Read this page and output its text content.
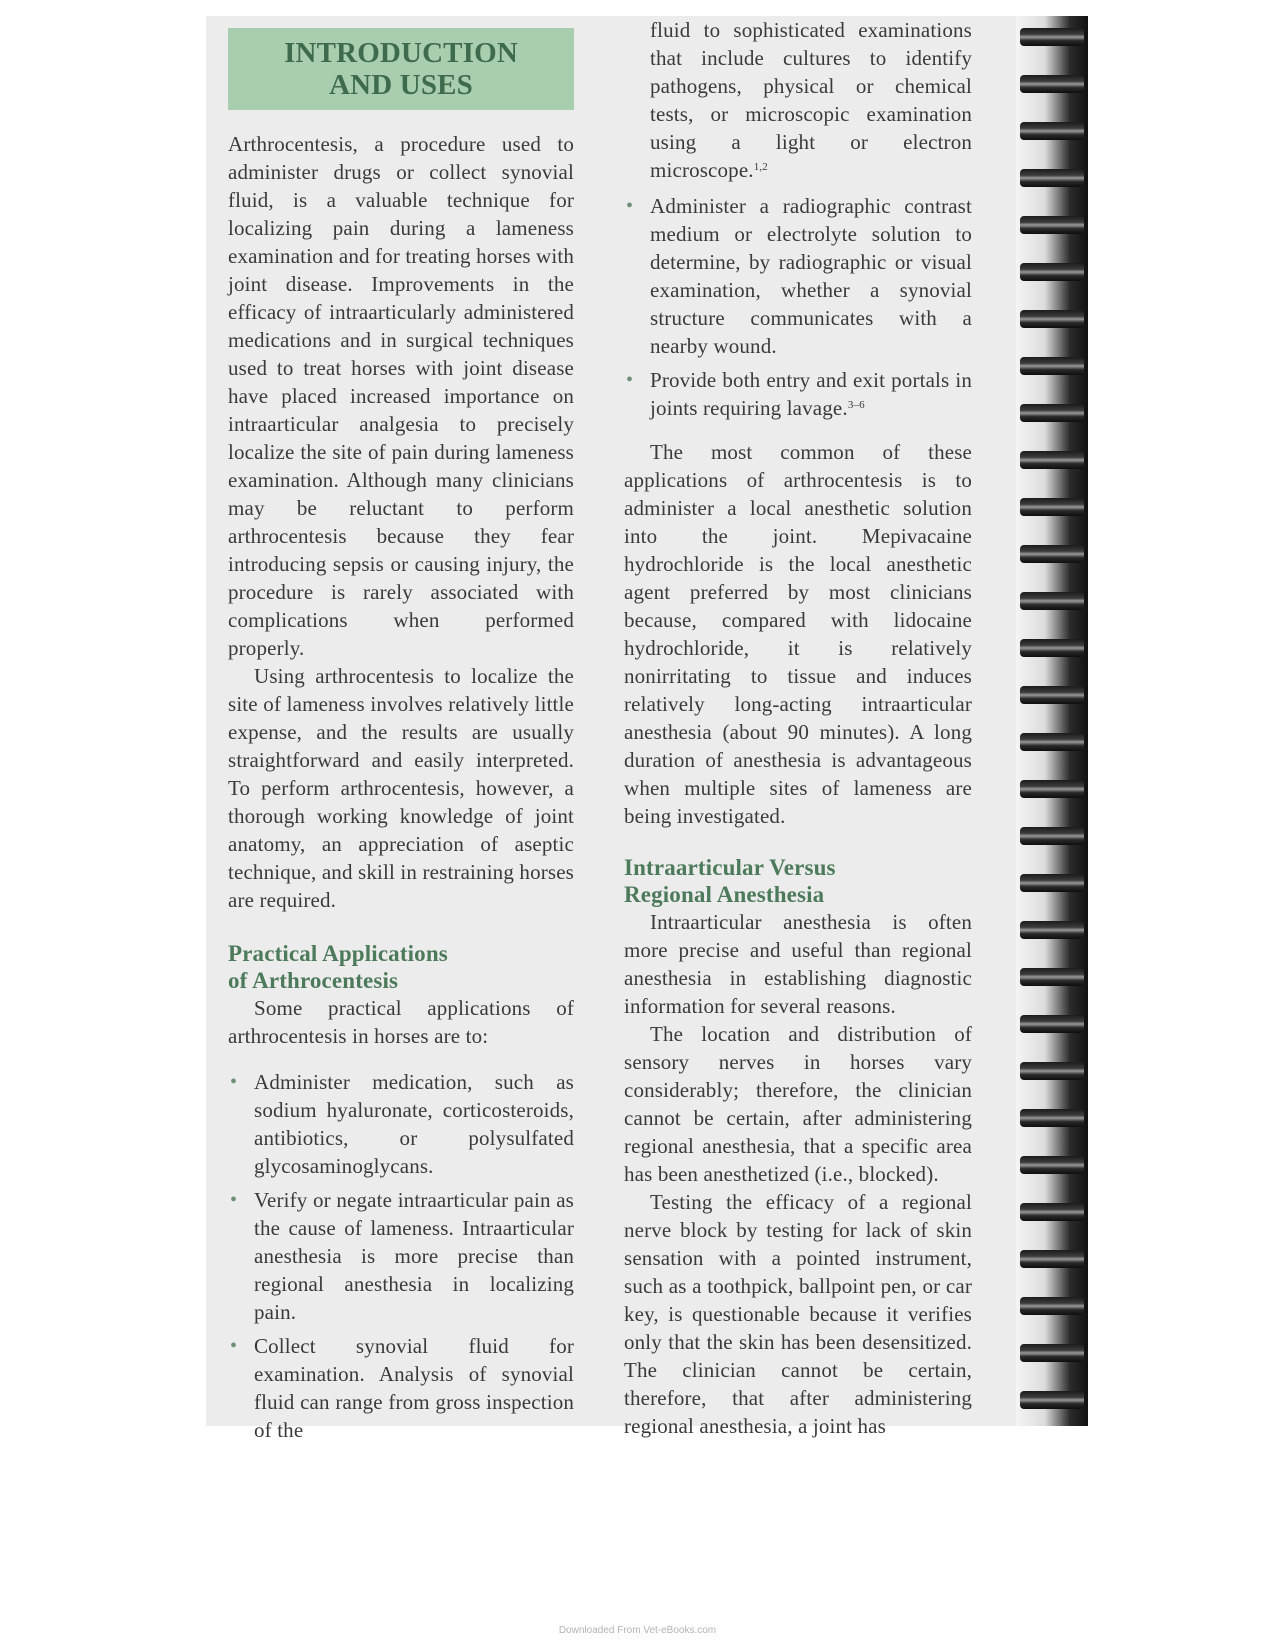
INTRODUCTION
AND USES

Arthrocentesis, a procedure used to administer drugs or collect synovial fluid, is a valuable technique for localizing pain during a lameness examination and for treating horses with joint disease. Improvements in the efficacy of intraarticularly administered medications and in surgical techniques used to treat horses with joint disease have placed increased importance on intraarticular analgesia to precisely localize the site of pain during lameness examination. Although many clinicians may be reluctant to perform arthrocentesis because they fear introducing sepsis or causing injury, the procedure is rarely associated with complications when performed properly.

Using arthrocentesis to localize the site of lameness involves relatively little expense, and the results are usually straightforward and easily interpreted. To perform arthrocentesis, however, a thorough working knowledge of joint anatomy, an appreciation of aseptic technique, and skill in restraining horses are required.

Practical Applications
of Arthrocentesis

Some practical applications of arthrocentesis in horses are to:

• Administer medication, such as sodium hyaluronate, corticosteroids, antibiotics, or polysulfated glycosaminoglycans.
• Verify or negate intraarticular pain as the cause of lameness. Intraarticular anesthesia is more precise than regional anesthesia in localizing pain.
• Collect synovial fluid for examination. Analysis of synovial fluid can range from gross inspection of the

fluid to sophisticated examinations that include cultures to identify pathogens, physical or chemical tests, or microscopic examination using a light or electron microscope.$^{1,2}$

• Administer a radiographic contrast medium or electrolyte solution to determine, by radiographic or visual examination, whether a synovial structure communicates with a nearby wound.
• Provide both entry and exit portals in joints requiring lavage.$^{3-6}$

The most common of these applications of arthrocentesis is to administer a local anesthetic solution into the joint. Mepivacaine hydrochloride is the local anesthetic agent preferred by most clinicians because, compared with lidocaine hydrochloride, it is relatively nonirritating to tissue and induces relatively long-acting intraarticular anesthesia (about 90 minutes). A long duration of anesthesia is advantageous when multiple sites of lameness are being investigated.

Intraarticular Versus
Regional Anesthesia

Intraarticular anesthesia is often more precise and useful than regional anesthesia in establishing diagnostic information for several reasons.

The location and distribution of sensory nerves in horses vary considerably; therefore, the clinician cannot be certain, after administering regional anesthesia, that a specific area has been anesthetized (i.e., blocked).

Testing the efficacy of a regional nerve block by testing for lack of skin sensation with a pointed instrument, such as a toothpick, ballpoint pen, or car key, is questionable because it verifies only that the skin has been desensitized. The clinician cannot be certain, therefore, that after administering regional anesthesia, a joint has

Downloaded From Vet-eBooks.com
